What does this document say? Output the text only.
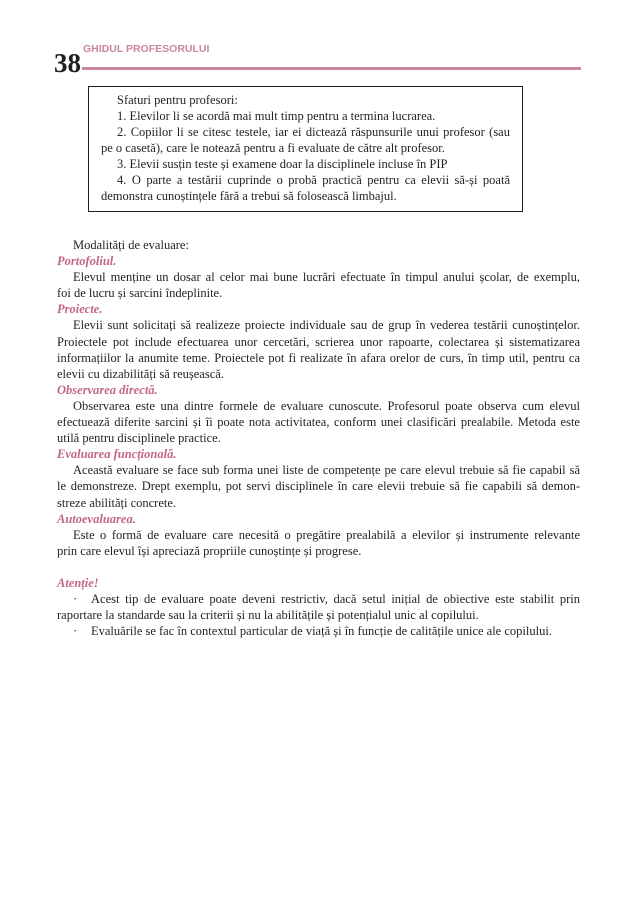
38 GHIDUL PROFESORULUI
Sfaturi pentru profesori:
1. Elevilor li se acordă mai mult timp pentru a termina lucrarea.
2. Copiilor li se citesc testele, iar ei dictează răspunsurile unui profesor (sau
pe o casetă), care le notează pentru a fi evaluate de către alt profesor.
3. Elevii susțin teste și examene doar la disciplinele incluse în PIP
4. O parte a testării cuprinde o probă practică pentru ca elevii să-și poată
demonstra cunoștințele fără a trebui să folosească limbajul.
Modalități de evaluare:
Portofoliul.
Elevul menține un dosar al celor mai bune lucrări efectuate în timpul anului școlar, de exemplu,
foi de lucru și sarcini îndeplinite.
Proiecte.
Elevii sunt solicitați să realizeze proiecte individuale sau de grup în vederea testării cunoștințelor.
Proiectele pot include efectuarea unor cercetări, scrierea unor rapoarte, colectarea și sistematizarea
informațiilor la anumite teme. Proiectele pot fi realizate în afara orelor de curs, în timp util, pentru ca
elevii cu dizabilități să reușească.
Observarea directă.
Observarea este una dintre formele de evaluare cunoscute. Profesorul poate observa cum elevul
efectuează diferite sarcini și îi poate nota activitatea, conform unei clasificări prealabile. Metoda este
utilă pentru disciplinele practice.
Evaluarea funcțională.
Această evaluare se face sub forma unei liste de competențe pe care elevul trebuie să fie capabil să
le demonstreze. Drept exemplu, pot servi disciplinele în care elevii trebuie să fie capabili să demon-
streze abilități concrete.
Autoevaluarea.
Este o formă de evaluare care necesită o pregătire prealabilă a elevilor și instrumente relevante
prin care elevul își apreciază propriile cunoștințe și progrese.
Atenție!
· Acest tip de evaluare poate deveni restrictiv, dacă setul inițial de obiective este stabilit prin
raportare la standarde sau la criterii și nu la abilitățile și potențialul unic al copilului.
· Evaluările se fac în contextul particular de viață și în funcție de calitățile unice ale copilului.
